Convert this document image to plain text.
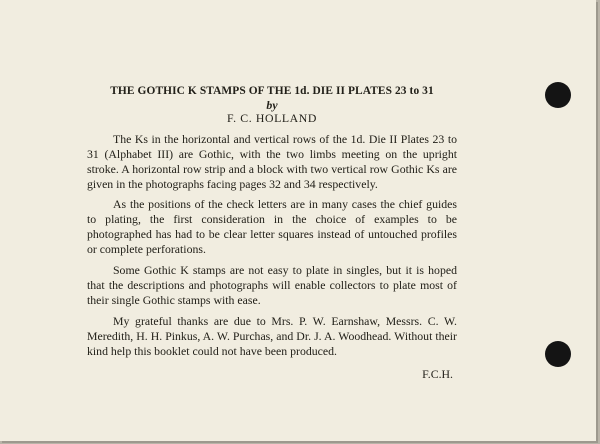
THE GOTHIC K STAMPS OF THE 1d. DIE II PLATES 23 to 31

by

F. C. HOLLAND

The Ks in the horizontal and vertical rows of the 1d. Die II Plates 23 to 31 (Alphabet III) are Gothic, with the two limbs meeting on the upright stroke. A horizontal row strip and a block with two vertical row Gothic Ks are given in the photographs facing pages 32 and 34 respectively.

As the positions of the check letters are in many cases the chief guides to plating, the first consideration in the choice of examples to be photographed has had to be clear letter squares instead of untouched profiles or complete perforations.

Some Gothic K stamps are not easy to plate in singles, but it is hoped that the descriptions and photographs will enable collectors to plate most of their single Gothic stamps with ease.

My grateful thanks are due to Mrs. P. W. Earnshaw, Messrs. C. W. Meredith, H. H. Pinkus, A. W. Purchas, and Dr. J. A. Woodhead. Without their kind help this booklet could not have been produced.

F.C.H.
